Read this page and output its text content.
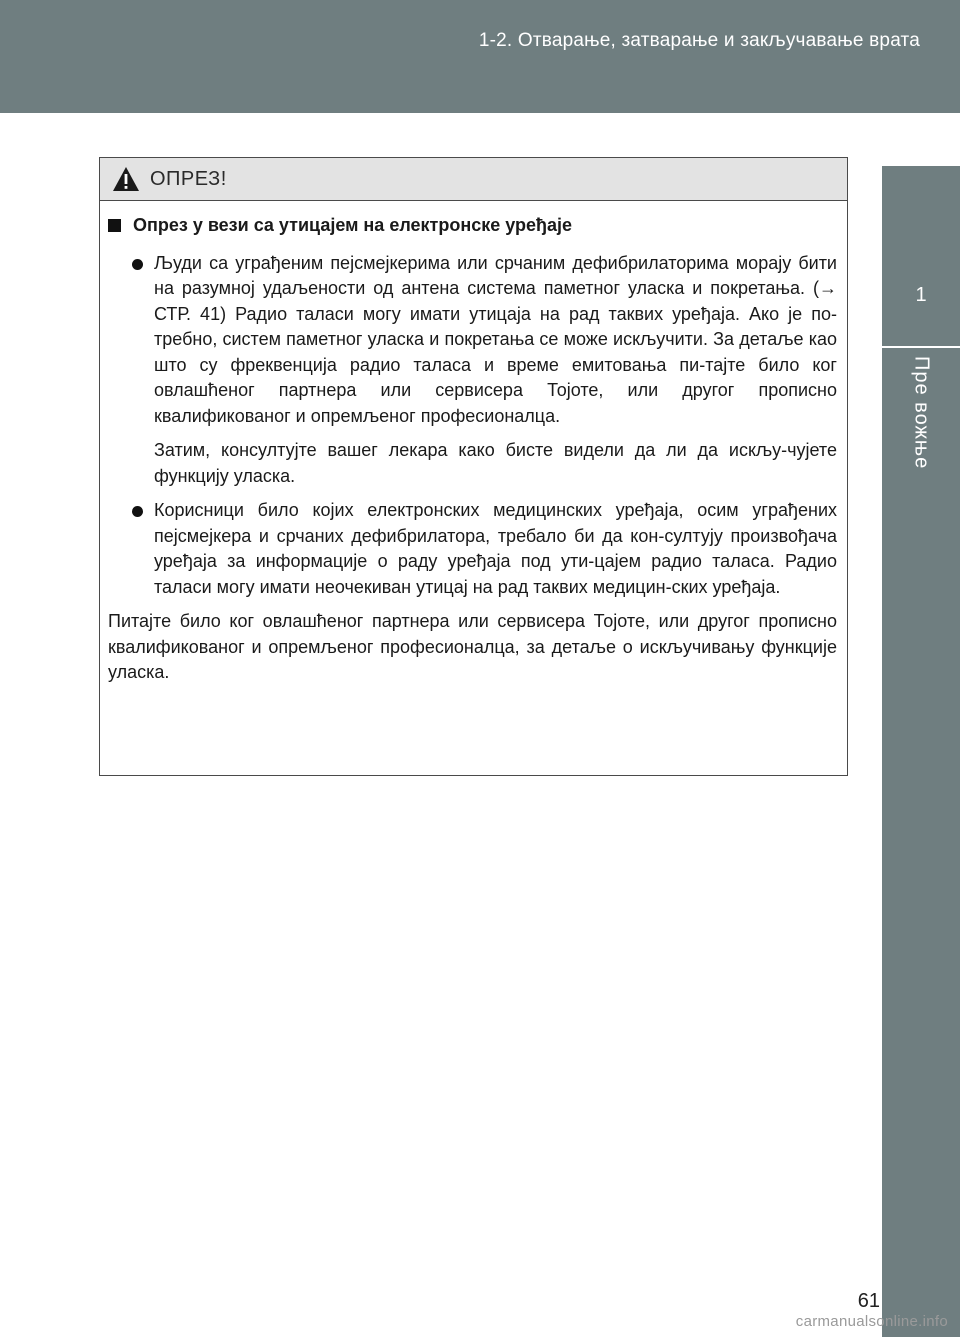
1-2. Отварање, затварање и закључавање врата
1
Пре вожње
ОПРЕЗ!
Опрез у вези са утицајем на електронске уређаје

Људи са уграђеним пејсмејкерима или срчаним дефибрилаторима морају бити на разумној удаљености од антена система паметног уласка и покретања. (→ СТР. 41) Радио таласи могу имати утицаја на рад таквих уређаја. Ако је по-требно, систем паметног уласка и покретања се може искључити. За детаље као што су фреквенција радио таласа и време емитовања пи-тајте било ког овлашћеног партнера или сервисера Тојоте, или другог прописно квалификованог и опремљеног професионалца.

Затим, консултујте вашег лекара како бисте видели да ли да искљу-чујете функцију уласка.

Корисници било којих електронских медицинских уређаја, осим уграђених пејсмејкера и срчаних дефибрилатора, требало би да кон-султују произвођача уређаја за информације о раду уређаја под ути-цајем радио таласа. Радио таласи могу имати неочекиван утицај на рад таквих медицин-ских уређаја.

Питајте било ког овлашћеног партнера или сервисера Тојоте, или другог прописно квалификованог и опремљеног професионалца, за детаље о искључивању функције уласка.

61
carmanualsonline.info
